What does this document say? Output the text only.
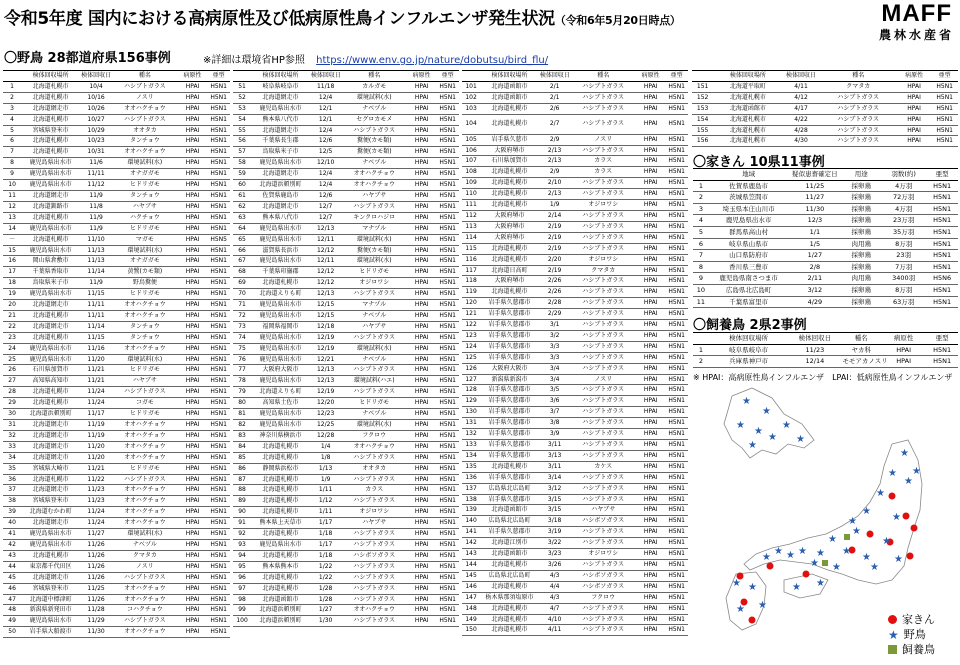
令和5年度 国内における高病原性及び低病原性鳥インフルエンザ発生状況（令和6年5月20日時点）	MAFF
農林水産省
〇野鳥 28都道府県156事例	※詳細は環境省HP参照 https://www.env.go.jp/nature/dobutsu/bird_flu/
	検体回収場所	検体回収日	種名	病原性	亜型
1	北海道札幌市	10/4	ハシブトガラス	HPAI	H5N1
2	北海道札幌市	10/16	ノスリ	HPAI	H5N1
3	北海道網走市	10/26	オオハクチョウ	HPAI	H5N1
4	北海道札幌市	10/27	ハシブトガラス	HPAI	H5N1
5	宮城県登米市	10/29	オオタカ	HPAI	H5N1
6	北海道札幌市	10/23	タンチョウ	HPAI	H5N1
7	北海道札幌市	10/31	オオハクチョウ	HPAI	H5N1
8	鹿児島県出水市	11/6	環境試料(水)	HPAI	H5N1
9	鹿児島県出水市	11/11	オナガガモ	HPAI	H5N1
10	鹿児島県出水市	11/12	ヒドリガモ	HPAI	H5N1
11	北海道網走市	11/9	タンチョウ	HPAI	H5N1
12	北海道釧路市	11/8	ハヤブサ	HPAI	H5N1
13	北海道札幌市	11/9	ハクチョウ	HPAI	H5N1
14	鹿児島県出水市	11/9	ヒドリガモ	HPAI	H5N1
－	北海道札幌市	11/10	マガモ	HPAI	H5N5
15	鹿児島県出水市	11/13	環境試料(水)	HPAI	H5N1
16	岡山県倉敷市	11/13	オナガガモ	HPAI	H5N1
17	千葉県香取市	11/14	黄鷺(カモ類)	HPAI	H5N1
18	鳥取県米子市	11/9	野鳥糞便	HPAI	H5N1
19	鹿児島県出水市	11/15	ヒドリガモ	HPAI	H5N1
20	北海道網走市	11/11	オオハクチョウ	HPAI	H5N1
21	北海道札幌市	11/11	オオハクチョウ	HPAI	H5N1
22	北海道網走市	11/14	タンチョウ	HPAI	H5N1
23	北海道札幌市	11/15	タンチョウ	HPAI	H5N1
24	鹿児島県出水市	11/16	オオハクチョウ	HPAI	H5N1
25	鹿児島県出水市	11/20	環境試料(水)	HPAI	H5N1
26	石川県加賀市	11/21	ヒドリガモ	HPAI	H5N1
27	高知県高知市	11/21	ハヤブサ	HPAI	H5N1
28	北海道札幌市	11/24	ハシブトガラス	HPAI	H5N1
29	北海道札幌市	11/24	コガモ	HPAI	H5N1
30	北海道浜頓別町	11/17	ヒドリガモ	HPAI	H5N1
31	北海道網走市	11/19	オオハクチョウ	HPAI	H5N1
32	北海道網走市	11/19	オオハクチョウ	HPAI	H5N1
33	北海道網走市	11/20	オオハクチョウ	HPAI	H5N1
34	北海道網走市	11/20	オオハクチョウ	HPAI	H5N1
35	宮城県大崎市	11/21	ヒドリガモ	HPAI	H5N1
36	北海道札幌市	11/22	ハシブトガラス	HPAI	H5N1
37	北海道網走市	11/23	オオハクチョウ	HPAI	H5N1
38	宮城県登米市	11/23	オオハクチョウ	HPAI	H5N1
39	北海道むかわ町	11/24	オオハクチョウ	HPAI	H5N1
40	北海道網走市	11/24	オオハクチョウ	HPAI	H5N1
41	鹿児島県出水市	11/27	環境試料(水)	HPAI	H5N1
42	鹿児島県出水市	11/26	ナベヅル	HPAI	H5N1
43	北海道札幌市	11/26	クマタカ	HPAI	H5N1
44	東京都千代田区	11/26	ノスリ	HPAI	H5N1
45	北海道網走市	11/26	ハシブトガラス	HPAI	H5N1
46	宮城県登米市	11/25	オオハクチョウ	HPAI	H5N1
47	北海道中標津町	11/26	オオハクチョウ	HPAI	H5N1
48	新潟県新発田市	11/28	コハクチョウ	HPAI	H5N1
49	鹿児島県出水市	11/29	ハシブトガラス	HPAI	H5N1
50	岩手県大船渡市	11/30	オオハクチョウ	HPAI	H5N1
	検体回収場所	検体回収日	種名	病原性	亜型
51	岐阜県岐阜市	11/18	カルガモ	HPAI	H5N1
52	北海道網走市	12/4	環境試料(水)	HPAI	H5N1
53	鹿児島県出水市	12/1	ナベヅル	HPAI	H5N1
54	熊本県八代市	12/1	セグロカモメ	HPAI	H5N1
55	北海道網走市	12/4	ハシブトガラス	HPAI	H5N1
56	千葉県長生郡	12/6	糞便(カモ類)	HPAI	H5N1
57	鳥取県米子市	12/5	糞便(カモ類)	HPAI	H5N1
58	鹿児島県出水市	12/10	ナベヅル	HPAI	H5N1
59	北海道網走市	12/4	オオハクチョウ	HPAI	H5N1
60	北海道浜頓別町	12/4	オオハクチョウ	HPAI	H5N1
61	佐賀県鹿島市	12/6	ハヤブサ	HPAI	H5N1
62	北海道網走市	12/7	ハシブトガラス	HPAI	H5N1
63	熊本県八代市	12/7	キンクロハジロ	HPAI	H5N1
64	鹿児島県出水市	12/13	マナヅル	HPAI	H5N1
65	鹿児島県出水市	12/11	環境試料(水)	HPAI	H5N1
66	滋賀県長浜市	12/12	糞便(カモ類)	HPAI	H5N1
67	鹿児島県出水市	12/11	環境試料(水)	HPAI	H5N1
68	千葉県印旛郡	12/12	ヒドリガモ	HPAI	H5N1
69	北海道札幌市	12/12	オジロワシ	HPAI	H5N1
70	北海道えりも町	12/13	ハシブトガラス	HPAI	H5N1
71	鹿児島県出水市	12/15	マナヅル	HPAI	H5N1
72	鹿児島県出水市	12/15	ナベヅル	HPAI	H5N1
73	福岡県福岡市	12/18	ハヤブサ	HPAI	H5N1
74	鹿児島県出水市	12/19	ハシブトガラス	HPAI	H5N1
75	鹿児島県出水市	12/19	環境試料(水)	HPAI	H5N1
76	鹿児島県出水市	12/21	ナベヅル	HPAI	H5N1
77	大阪府大阪市	12/13	ハシブトガラス	HPAI	H5N1
78	鹿児島県出水市	12/13	環境試料(ハエ)	HPAI	H5N1
79	北海道えりも町	12/19	ハシブトガラス	HPAI	H5N1
80	高知県土佐市	12/20	ヒドリガモ	HPAI	H5N1
81	鹿児島県出水市	12/23	ナベヅル	HPAI	H5N1
82	鹿児島県出水市	12/25	環境試料(水)	HPAI	H5N1
83	神奈川県横浜市	12/28	フクロウ	HPAI	H5N1
84	北海道札幌市	1/4	オオハクチョウ	HPAI	H5N1
85	北海道札幌市	1/8	ハシブトガラス	HPAI	H5N1
86	静岡県浜松市	1/13	オオタカ	HPAI	H5N1
87	北海道札幌市	1/9	ハシブトガラス	HPAI	H5N1
88	北海道札幌市	1/11	カラス	HPAI	H5N1
89	北海道札幌市	1/12	ハシブトガラス	HPAI	H5N1
90	北海道札幌市	1/11	オジロワシ	HPAI	H5N1
91	熊本県上天草市	1/17	ハヤブサ	HPAI	H5N1
92	北海道札幌市	1/18	ハシブトガラス	HPAI	H5N1
93	鹿児島県出水市	1/17	ハシブトガラス	HPAI	H5N1
94	北海道札幌市	1/18	ハシボソガラス	HPAI	H5N1
95	熊本県熊本市	1/22	ハシブトガラス	HPAI	H5N1
96	北海道札幌市	1/22	ハシブトガラス	HPAI	H5N1
97	北海道札幌市	1/28	ハシブトガラス	HPAI	H5N1
98	北海道函館市	1/28	ハシブトガラス	HPAI	H5N1
99	北海道浜頓別町	1/27	オオハクチョウ	HPAI	H5N1
100	北海道浜頓別町	1/30	ハシブトガラス	HPAI	H5N1
	検体回収場所	検体回収日	種名	病原性	亜型
101	北海道函館市	2/1	ハシブトガラス	HPAI	H5N1
102	北海道函館市	2/1	ハシブトガラス	HPAI	H5N1
103	北海道札幌市	2/6	ハシブトガラス	HPAI	H5N1
104	北海道札幌市	2/7	ハシブトガラス	HPAI	H5N1
105	岩手県久慈市	2/9	ノスリ	HPAI	H5N1
106	大阪府堺市	2/13	ハシブトガラス	HPAI	H5N1
107	石川県加賀市	2/13	カラス	HPAI	H5N1
108	北海道札幌市	2/9	カラス	HPAI	H5N1
109	北海道札幌市	2/10	ハシブトガラス	HPAI	H5N1
110	北海道札幌市	2/13	ハシブトガラス	HPAI	H5N1
111	北海道札幌市	1/9	オジロワシ	HPAI	H5N1
112	大阪府堺市	2/14	ハシブトガラス	HPAI	H5N1
113	大阪府堺市	2/19	ハシブトガラス	HPAI	H5N1
114	大阪府堺市	2/19	ハシブトガラス	HPAI	H5N1
115	北海道札幌市	2/19	ハシブトガラス	HPAI	H5N1
116	北海道札幌市	2/20	オジロワシ	HPAI	H5N1
117	北海道日高町	2/19	クマタカ	HPAI	H5N1
118	大阪府堺市	2/26	ハシブトガラス	HPAI	H5N1
119	北海道札幌市	2/26	ハシブトガラス	HPAI	H5N1
120	岩手県久慈郡市	2/28	ハシブトガラス	HPAI	H5N1
121	岩手県久慈郡市	2/29	ハシブトガラス	HPAI	H5N1
122	岩手県久慈郡市	3/1	ハシブトガラス	HPAI	H5N1
123	岩手県久慈郡市	3/2	ハシブトガラス	HPAI	H5N1
124	岩手県久慈郡市	3/3	ハシブトガラス	HPAI	H5N1
125	岩手県久慈郡市	3/3	ハシブトガラス	HPAI	H5N1
126	大阪府大阪市	3/4	ハシブトガラス	HPAI	H5N1
127	新潟県新潟市	3/4	ノスリ	HPAI	H5N1
128	岩手県久慈郡市	3/5	ハシブトガラス	HPAI	H5N1
129	岩手県久慈郡市	3/6	ハシブトガラス	HPAI	H5N1
130	岩手県久慈郡市	3/7	ハシブトガラス	HPAI	H5N1
131	岩手県久慈郡市	3/8	ハシブトガラス	HPAI	H5N1
132	岩手県久慈郡市	3/9	ハシブトガラス	HPAI	H5N1
133	岩手県久慈郡市	3/11	ハシブトガラス	HPAI	H5N1
134	岩手県久慈郡市	3/13	ハシブトガラス	HPAI	H5N1
135	北海道札幌市	3/11	カケス	HPAI	H5N1
136	岩手県久慈郡市	3/14	ハシブトガラス	HPAI	H5N1
137	広島県北広島町	3/12	ハシブトガラス	HPAI	H5N1
138	岩手県久慈郡市	3/15	ハシブトガラス	HPAI	H5N1
139	北海道函館市	3/15	ハヤブサ	HPAI	H5N1
140	広島県北広島町	3/18	ハシボソガラス	HPAI	H5N1
141	岩手県久慈郡市	3/19	ハシブトガラス	HPAI	H5N1
142	北海道江別市	3/22	ハシブトガラス	HPAI	H5N1
143	北海道函館市	3/23	オジロワシ	HPAI	H5N1
144	北海道札幌市	3/26	ハシブトガラス	HPAI	H5N1
145	広島県北広島町	4/3	ハシボソガラス	HPAI	H5N1
146	北海道札幌市	4/4	ハシボソガラス	HPAI	H5N1
147	栃木県那須塩原市	4/3	フクロウ	HPAI	H5N1
148	北海道札幌市	4/7	ハシブトガラス	HPAI	H5N1
149	北海道札幌市	4/10	ハシブトガラス	HPAI	H5N1
150	北海道札幌市	4/11	ハシブトガラス	HPAI	H5N1
	検体回収場所	検体回収日	種名	病原性	亜型
151	北海道平取町	4/11	クマタカ	HPAI	H5N1
152	北海道札幌市	4/12	ハシブトガラス	HPAI	H5N1
153	北海道函館市	4/17	ハシブトガラス	HPAI	H5N1
154	北海道札幌市	4/22	ハシブトガラス	HPAI	H5N1
155	北海道札幌市	4/28	ハシブトガラス	HPAI	H5N1
156	北海道札幌市	4/30	ハシブトガラス	HPAI	H5N1
〇家きん 10県11事例
	地域	疑似患畜確定日	用途	羽数(約)	亜型
1	佐賀県鹿島市	11/25	採卵鶏	4万羽	H5N1
2	茨城県笠間市	11/27	採卵鶏	72万羽	H5N1
3	埼玉県本庄山川市	11/30	採卵鶏	4万羽	H5N1
4	鹿児島県出水市	12/3	採卵鶏	23万羽	H5N1
5	群馬県高山村	1/1	採卵鶏	35万羽	H5N1
6	岐阜県山県市	1/5	肉用鶏	8万羽	H5N1
7	山口県防府市	1/27	採卵鶏	23羽	H5N1
8	香川県三豊市	2/8	採卵鶏	7万羽	H5N1
9	鹿児島県南さつま市	2/11	肉用鶏	3400羽	H5N6
10	広島県北広島町	3/12	採卵鶏	8万羽	H5N1
11	千葉県富里市	4/29	採卵鶏	63万羽	H5N1
〇飼養鳥 2県2事例
	検体回収場所	検体回収日	種名	病原性	亜型
1	岐阜県岐阜市	11/23	ヤカ科	HPAI	H5N1
2	兵庫県神戸市	12/14	モモアカノスリ	HPAI	H5N1
※ HPAI：高病原性鳥インフルエンザ　LPAI：低病原性鳥インフルエンザ
★
★
★
★
★
★
★
★
★
★
★
★
★
★
★	★
★
★
★
★
★
★
★
★
★
★
★ ★
★ ★
★
★
★
★
★
★
家きん
★ 野鳥
飼養鳥
